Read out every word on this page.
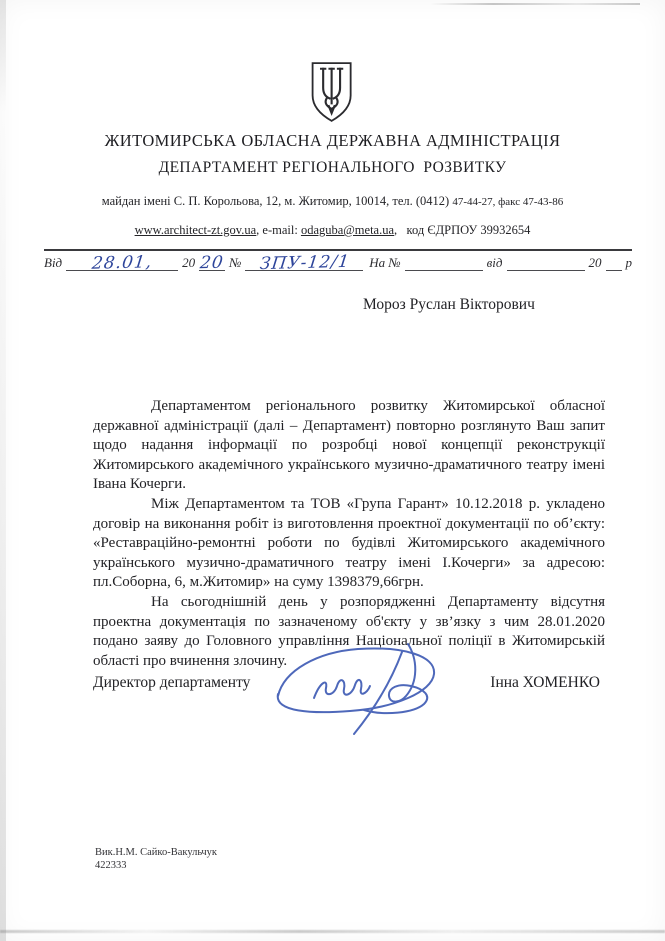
ЖИТОМИРСЬКА ОБЛАСНА ДЕРЖАВНА АДМІНІСТРАЦІЯ
ДЕПАРТАМЕНТ РЕГІОНАЛЬНОГО  РОЗВИТКУ
майдан імені С. П. Корольова, 12, м. Житомир, 10014, тел. (0412) 47-44-27, факс 47-43-86
www.architect-zt.gov.ua, e-mail: odaguba@meta.ua,   код ЄДРПОУ 39932654
Від	28.01,	20 20 № ЗПУ-12/1	На №	від	20 р
Мороз Руслан Вікторович

Департаментом регіонального розвитку Житомирської обласної державної адміністрації (далі – Департамент) повторно розглянуто Ваш запит щодо надання інформації по розробці нової концепції реконструкції Житомирського академічного українського музично-драматичного театру імені Івана Кочерги.

Між Департаментом та ТОВ «Група Гарант» 10.12.2018 р. укладено договір на виконання робіт із виготовлення проектної документації по об’єкту: «Реставраційно-ремонтні роботи по будівлі Житомирського академічного українського музично-драматичного театру імені І.Кочерги» за адресою: пл.Соборна, 6, м.Житомир» на суму 1398379,66грн.

На сьогоднішній день у розпорядженні Департаменту відсутня проектна документація по зазначеному об'єкту у зв’язку з чим 28.01.2020 подано заяву до Головного управління Національної поліції в Житомирській області про вчинення злочину.

Директор департаменту	Інна ХОМЕНКО
Вик.Н.М. Сайко-Вакульчук
422333
